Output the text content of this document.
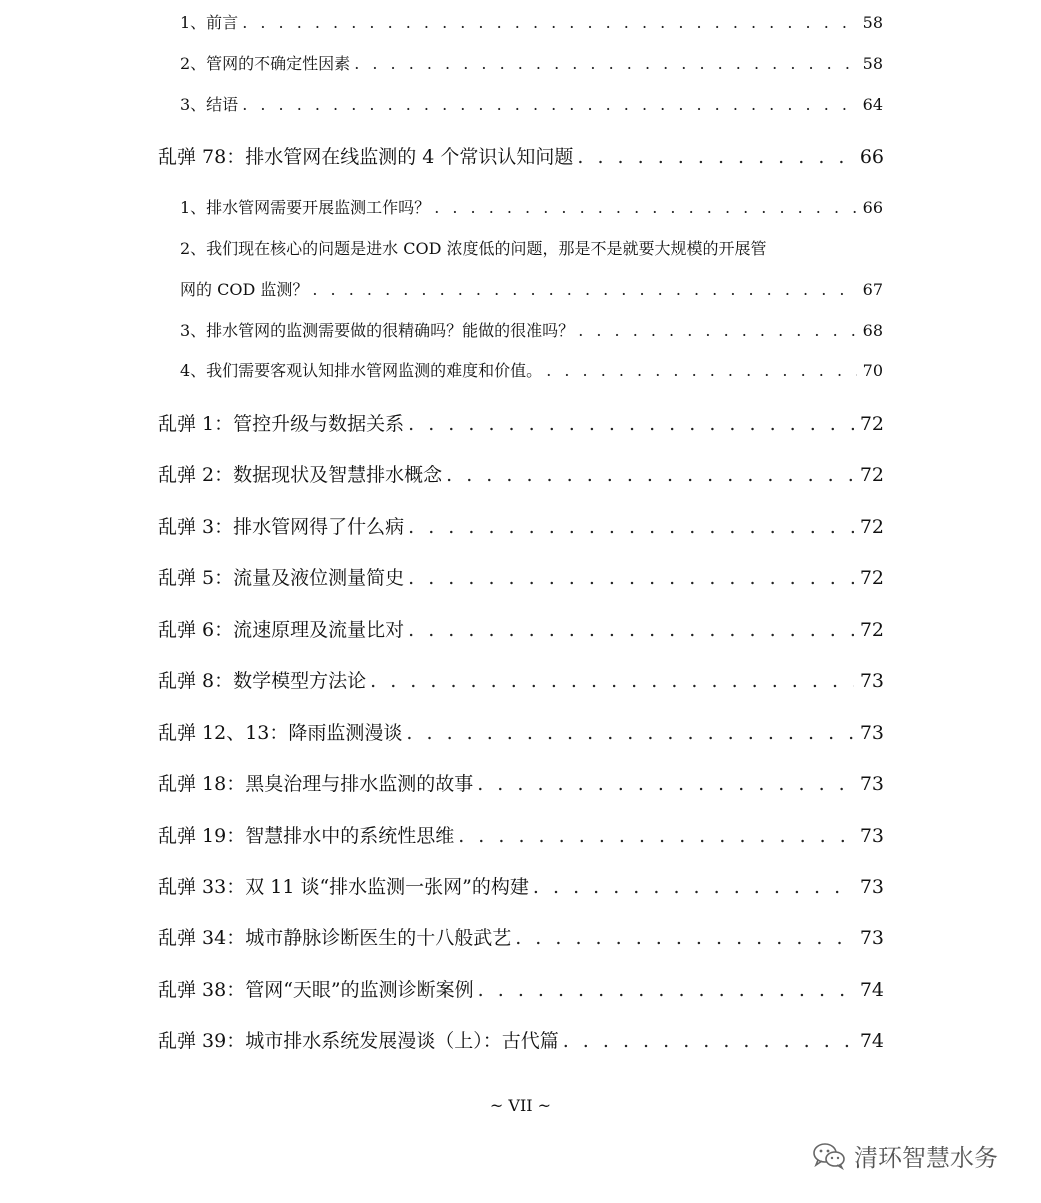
1、前言 . . .	58
2、管网的不确定性因素 . . .	58
3、结语 . . .	64
乱弹 78：排水管网在线监测的 4 个常识认知问题 . . .	66
1、排水管网需要开展监测工作吗？ . . .	66
2、我们现在核心的问题是进水 COD 浓度低的问题，那是不是就要大规模的开展管
网的 COD 监测？ . . .	67
3、排水管网的监测需要做的很精确吗？能做的很准吗？ . . .	68
4、我们需要客观认知排水管网监测的难度和价值。 . . .	70
乱弹 1：管控升级与数据关系 . . .	72
乱弹 2：数据现状及智慧排水概念 . . .	72
乱弹 3：排水管网得了什么病 . . .	72
乱弹 5：流量及液位测量简史 . . .	72
乱弹 6：流速原理及流量比对 . . .	72
乱弹 8：数学模型方法论 . . .	73
乱弹 12、13：降雨监测漫谈 . . .	73
乱弹 18：黑臭治理与排水监测的故事 . . .	73
乱弹 19：智慧排水中的系统性思维 . . .	73
乱弹 33：双 11 谈“排水监测一张网”的构建 . . .	73
乱弹 34：城市静脉诊断医生的十八般武艺 . . .	73
乱弹 38：管网“天眼”的监测诊断案例 . . .	74
乱弹 39：城市排水系统发展漫谈（上）：古代篇 . . .	74
~ VII ~
清环智慧水务
